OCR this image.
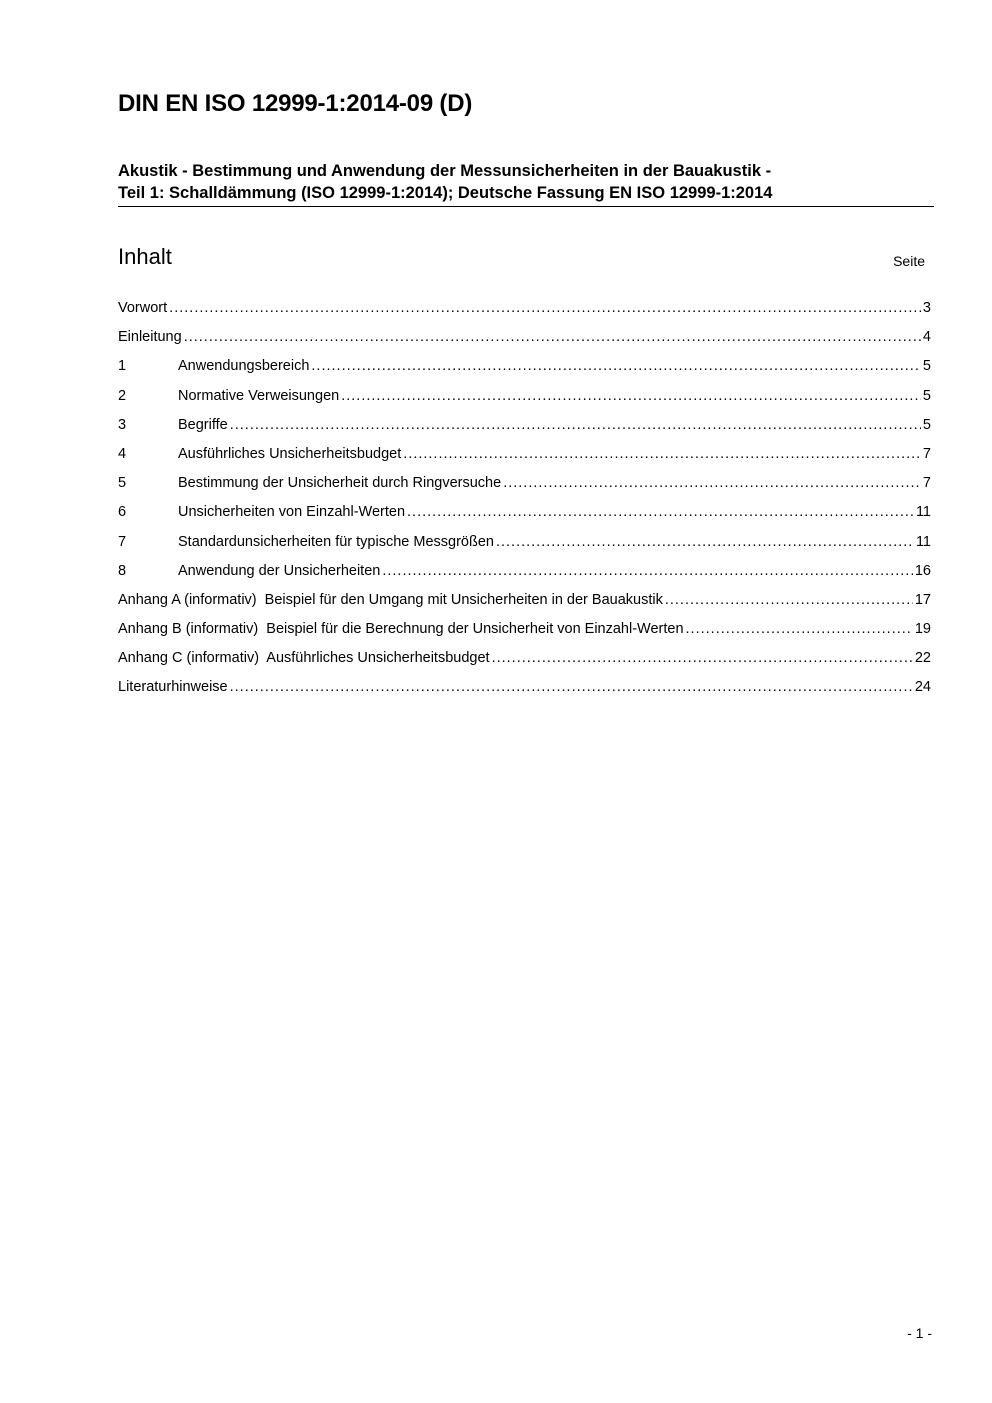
DIN EN ISO 12999-1:2014-09 (D)
Akustik - Bestimmung und Anwendung der Messunsicherheiten in der Bauakustik -
Teil 1: Schalldämmung (ISO 12999-1:2014); Deutsche Fassung EN ISO 12999-1:2014
Inhalt	Seite
Vorwort .....	3
Einleitung .....	4
1	Anwendungsbereich .....	5
2	Normative Verweisungen .....	5
3	Begriffe .....	5
4	Ausführliches Unsicherheitsbudget .....	7
5	Bestimmung der Unsicherheit durch Ringversuche .....	7
6	Unsicherheiten von Einzahl-Werten .....	11
7	Standardunsicherheiten für typische Messgrößen .....	11
8	Anwendung der Unsicherheiten .....	16
Anhang A (informativ)  Beispiel für den Umgang mit Unsicherheiten in der Bauakustik .....	17
Anhang B (informativ)  Beispiel für die Berechnung der Unsicherheit von Einzahl-Werten .....	19
Anhang C (informativ)  Ausführliches Unsicherheitsbudget .....	22
Literaturhinweise .....	24
- 1 -
